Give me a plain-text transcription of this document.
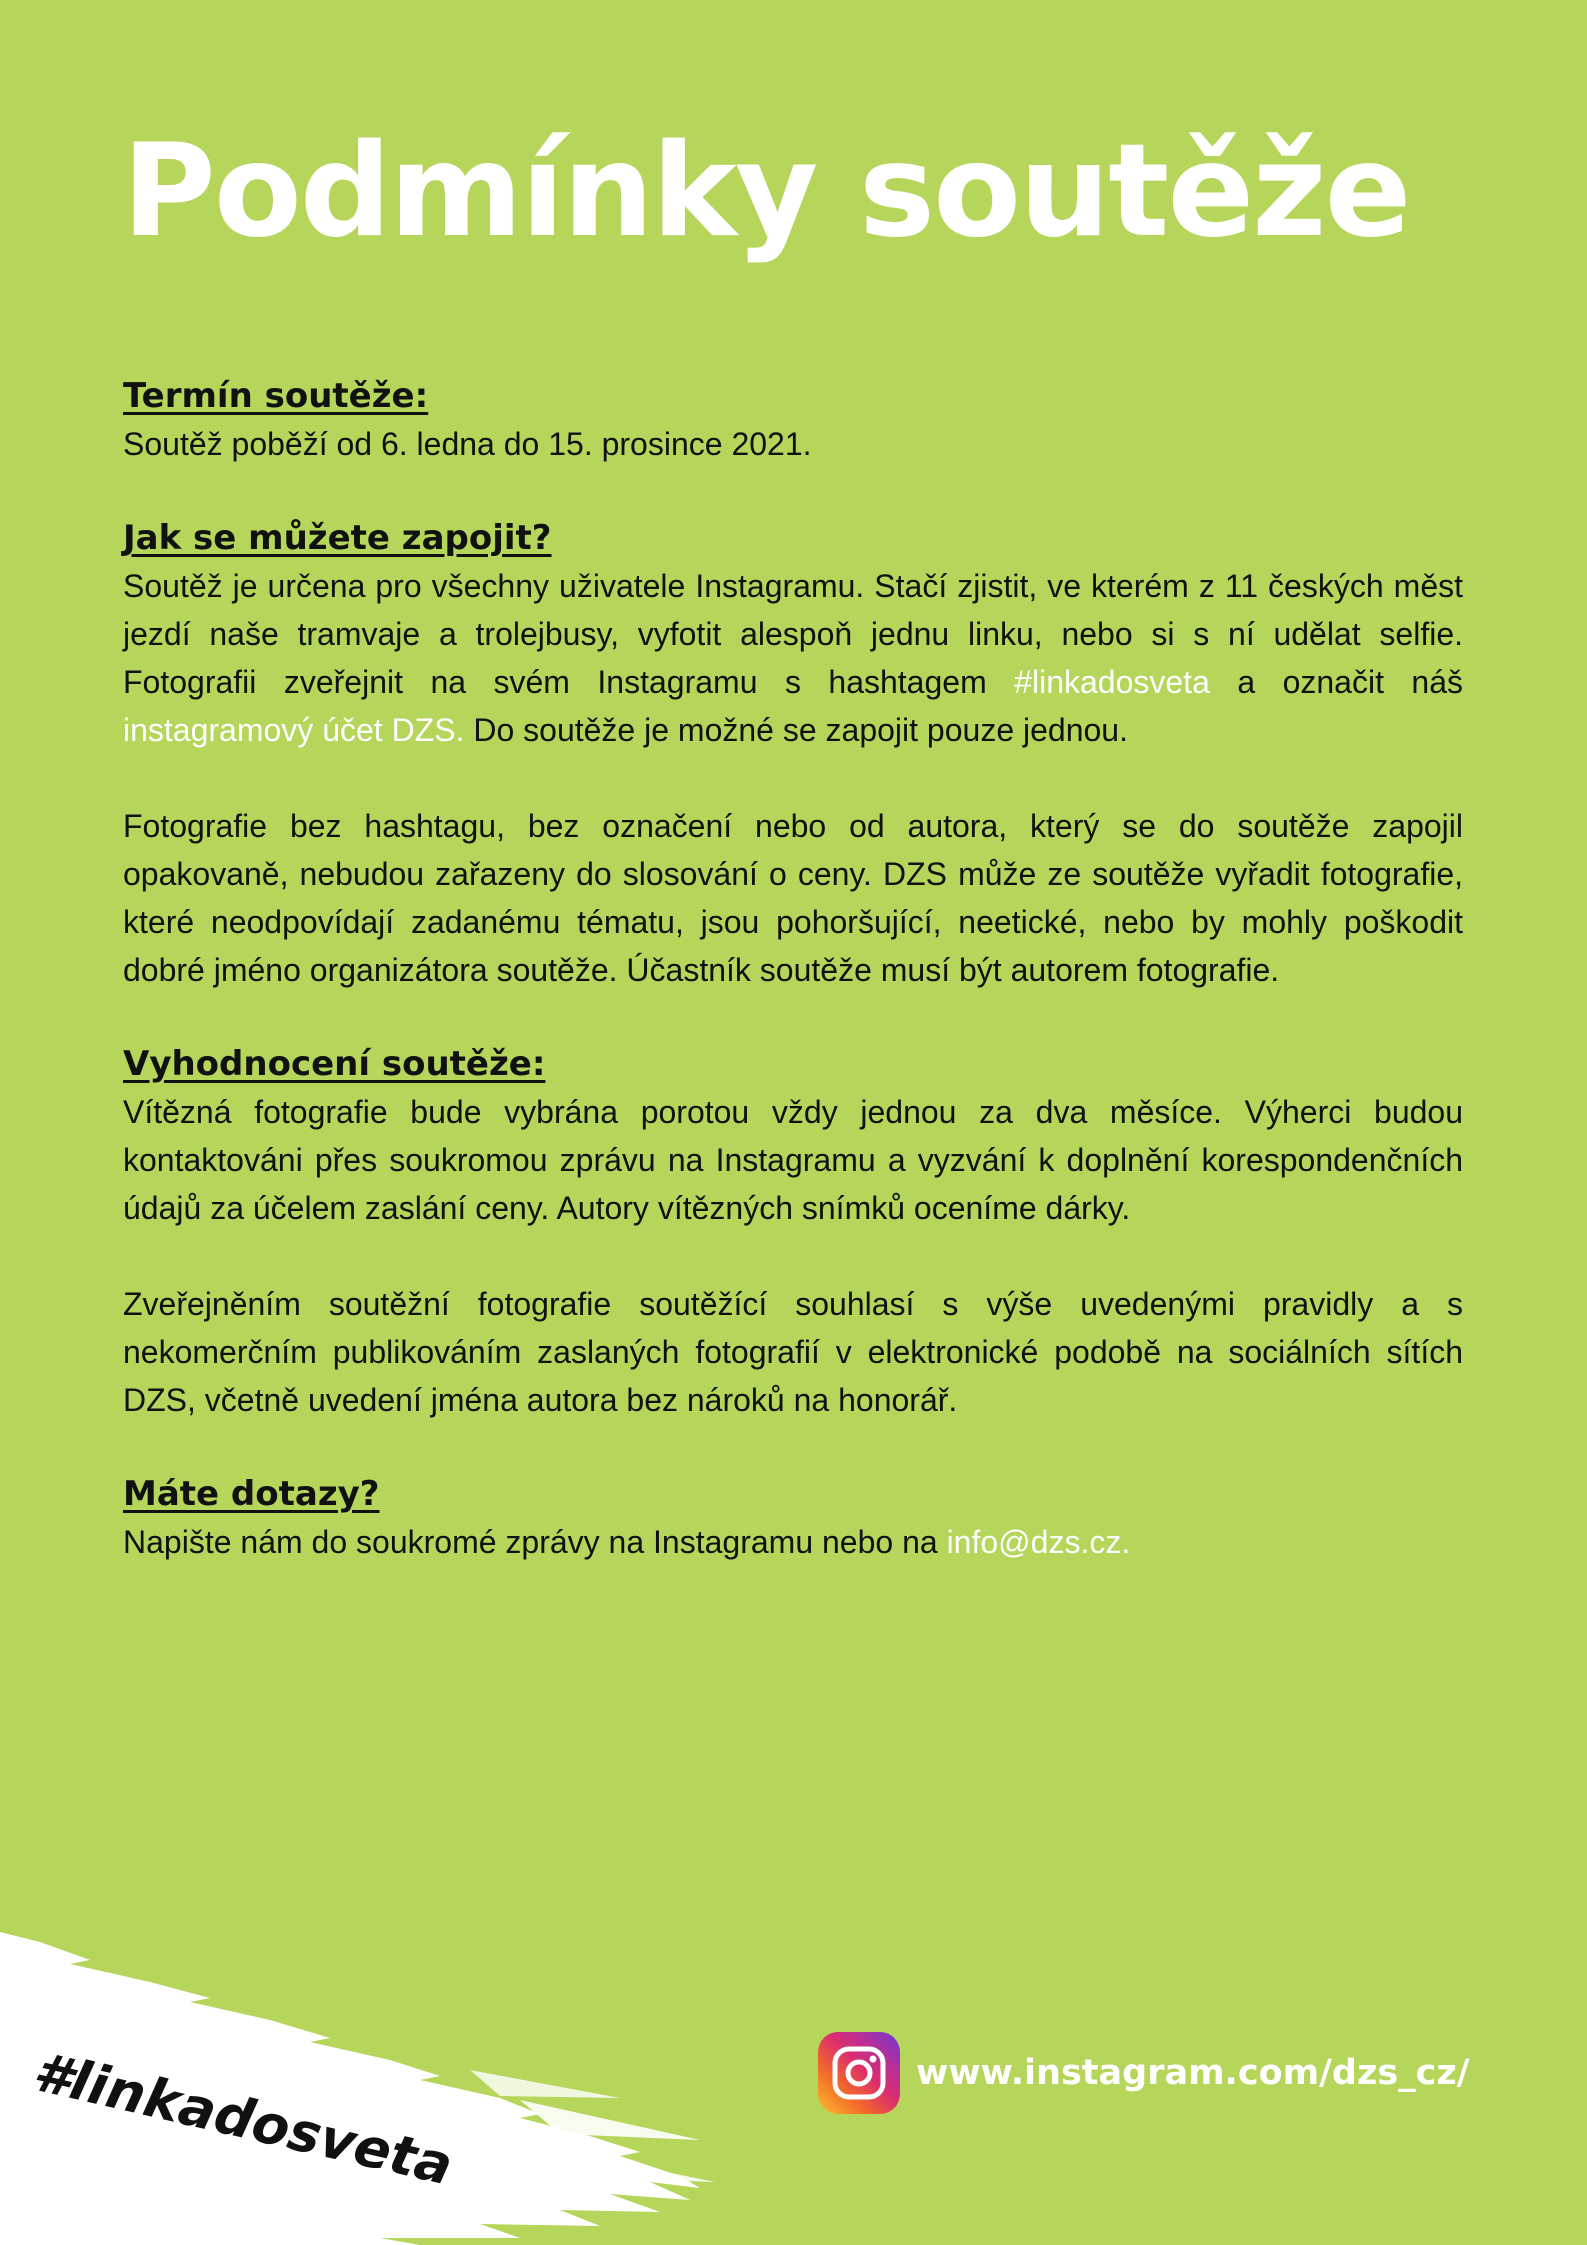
Podmínky soutěže
Termín soutěže:

Soutěž poběží od 6. ledna do 15. prosince 2021.

Jak se můžete zapojit?

Soutěž je určena pro všechny uživatele Instagramu. Stačí zjistit, ve kterém z 11 českých měst jezdí naše tramvaje a trolejbusy, vyfotit alespoň jednu linku, nebo si s ní udělat selfie. Fotografii zveřejnit na svém Instagramu s hashtagem #linkadosveta a označit náš instagramový účet DZS. Do soutěže je možné se zapojit pouze jednou.

Fotografie bez hashtagu, bez označení nebo od autora, který se do soutěže zapojil opakovaně, nebudou zařazeny do slosování o ceny. DZS může ze soutěže vyřadit fotografie, které neodpovídají zadanému tématu, jsou pohoršující, neetické, nebo by mohly poškodit dobré jméno organizátora soutěže. Účastník soutěže musí být autorem fotografie.

Vyhodnocení soutěže:

Vítězná fotografie bude vybrána porotou vždy jednou za dva měsíce. Výherci budou kontaktováni přes soukromou zprávu na Instagramu a vyzvání k doplnění korespondenčních údajů za účelem zaslání ceny. Autory vítězných snímků oceníme dárky.

Zveřejněním soutěžní fotografie soutěžící souhlasí s výše uvedenými pravidly a s nekomerčním publikováním zaslaných fotografií v elektronické podobě na sociálních sítích DZS, včetně uvedení jména autora bez nároků na honorář.

Máte dotazy?

Napište nám do soukromé zprávy na Instagramu nebo na info@dzs.cz.

#linkadosveta	www.instagram.com/dzs_cz/
